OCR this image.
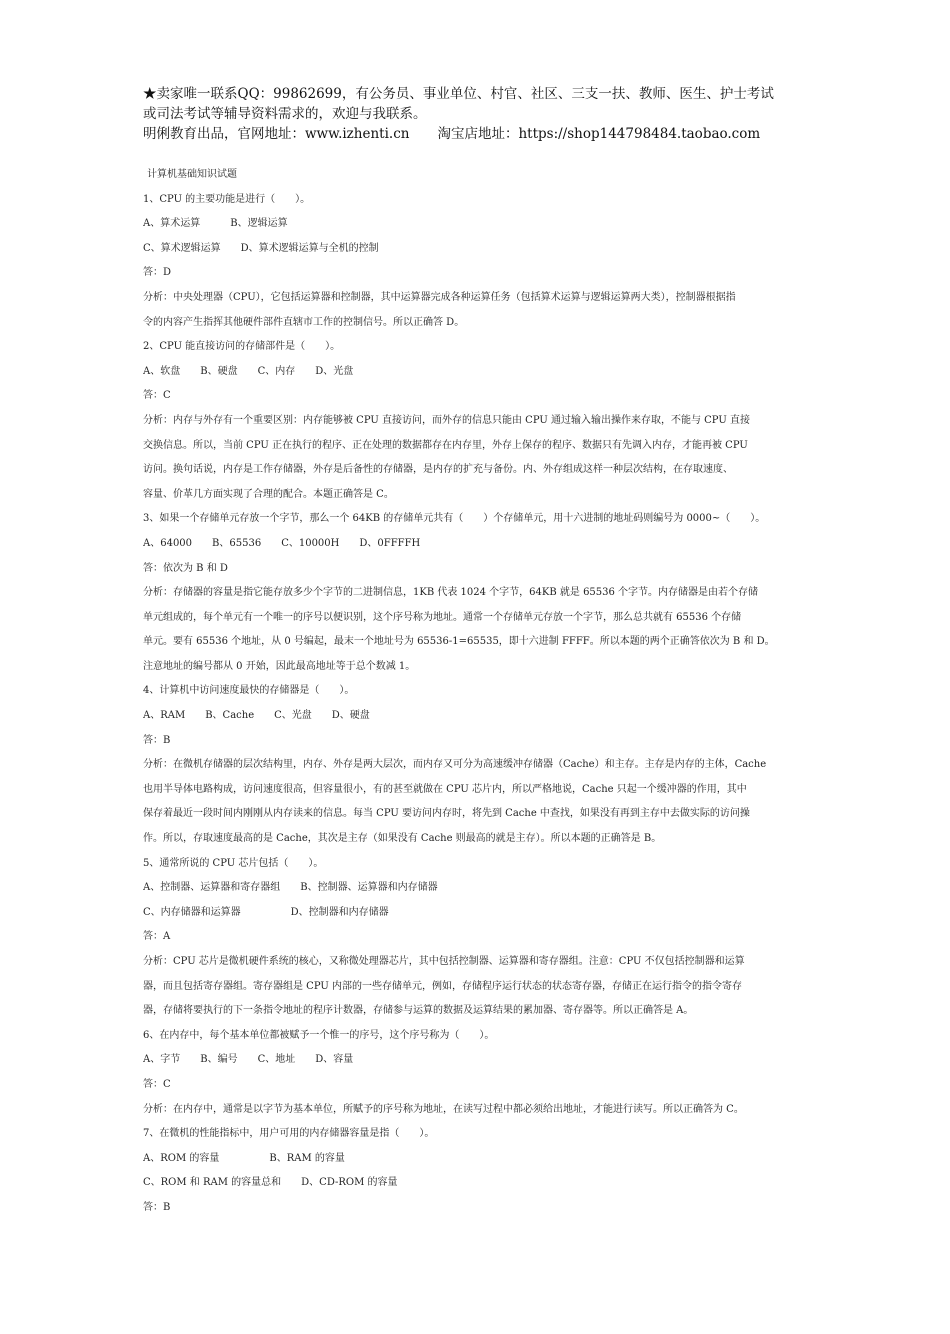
★卖家唯一联系QQ：99862699，有公务员、事业单位、村官、社区、三支一扶、教师、医生、护士考试
或司法考试等辅导资料需求的，欢迎与我联系。
明俐教育出品，官网地址：www.izhenti.cn 淘宝店地址：https://shop144798484.taobao.com
计算机基础知识试题
1、CPU 的主要功能是进行（　　）。
A、算术运算　　　B、逻辑运算
C、算术逻辑运算　　D、算术逻辑运算与全机的控制
答：D
分析：中央处理器（CPU），它包括运算器和控制器，其中运算器完成各种运算任务（包括算术运算与逻辑运算两大类），控制器根据指
令的内容产生指挥其他硬件部件直辖市工作的控制信号。所以正确答 D。
2、CPU 能直接访问的存储部件是（　　）。
A、软盘　　B、硬盘　　C、内存　　D、光盘
答：C
分析：内存与外存有一个重要区别：内存能够被 CPU 直接访问，而外存的信息只能由 CPU 通过输入输出操作来存取，不能与 CPU 直接
交换信息。所以，当前 CPU 正在执行的程序、正在处理的数据都存在内存里，外存上保存的程序、数据只有先调入内存，才能再被 CPU
访问。换句话说，内存是工作存储器，外存是后备性的存储器，是内存的扩充与备份。内、外存组成这样一种层次结构，在存取速度、
容量、价革几方面实现了合理的配合。本题正确答是 C。
3、如果一个存储单元存放一个字节，那么一个 64KB 的存储单元共有（　　）个存储单元，用十六进制的地址码则编号为 0000~（　　）。
A、64000　　B、65536　　C、10000H　　D、0FFFFH
答：依次为 B 和 D
分析：存储器的容量是指它能存放多少个字节的二进制信息，1KB 代表 1024 个字节，64KB 就是 65536 个字节。内存储器是由若个存储
单元组成的，每个单元有一个唯一的序号以便识别，这个序号称为地址。通常一个存储单元存放一个字节，那么总共就有 65536 个存储
单元。要有 65536 个地址，从 0 号编起，最末一个地址号为 65536-1=65535，即十六进制 FFFF。所以本题的两个正确答依次为 B 和 D。
注意地址的编号都从 0 开始，因此最高地址等于总个数减 1。
4、计算机中访问速度最快的存储器是（　　）。
A、RAM　　B、Cache　　C、光盘　　D、硬盘
答：B
分析：在微机存储器的层次结构里，内存、外存是两大层次，而内存又可分为高速缓冲存储器（Cache）和主存。主存是内存的主体，Cache
也用半导体电路构成，访问速度很高，但容量很小，有的甚至就做在 CPU 芯片内，所以严格地说，Cache 只起一个缓冲器的作用，其中
保存着最近一段时间内刚刚从内存读来的信息。每当 CPU 要访问内存时，将先到 Cache 中查找，如果没有再到主存中去做实际的访问操
作。所以，存取速度最高的是 Cache，其次是主存（如果没有 Cache 则最高的就是主存）。所以本题的正确答是 B。
5、通常所说的 CPU 芯片包括（　　）。
A、控制器、运算器和寄存器组　　B、控制器、运算器和内存储器
C、内存储器和运算器　　　　　D、控制器和内存储器
答：A
分析：CPU 芯片是微机硬件系统的核心，又称微处理器芯片，其中包括控制器、运算器和寄存器组。注意：CPU 不仅包括控制器和运算
器，而且包括寄存器组。寄存器组是 CPU 内部的一些存储单元，例如，存储程序运行状态的状态寄存器，存储正在运行指令的指令寄存
器，存储将要执行的下一条指令地址的程序计数器，存储参与运算的数据及运算结果的累加器、寄存器等。所以正确答是 A。
6、在内存中，每个基本单位都被赋予一个惟一的序号，这个序号称为（　　）。
A、字节　　B、编号　　C、地址　　D、容量
答：C
分析：在内存中，通常是以字节为基本单位，所赋予的序号称为地址，在读写过程中都必须给出地址，才能进行读写。所以正确答为 C。
7、在微机的性能指标中，用户可用的内存储器容量是指（　　）。
A、ROM 的容量　　　　　B、RAM 的容量
C、ROM 和 RAM 的容量总和　　D、CD-ROM 的容量
答：B
